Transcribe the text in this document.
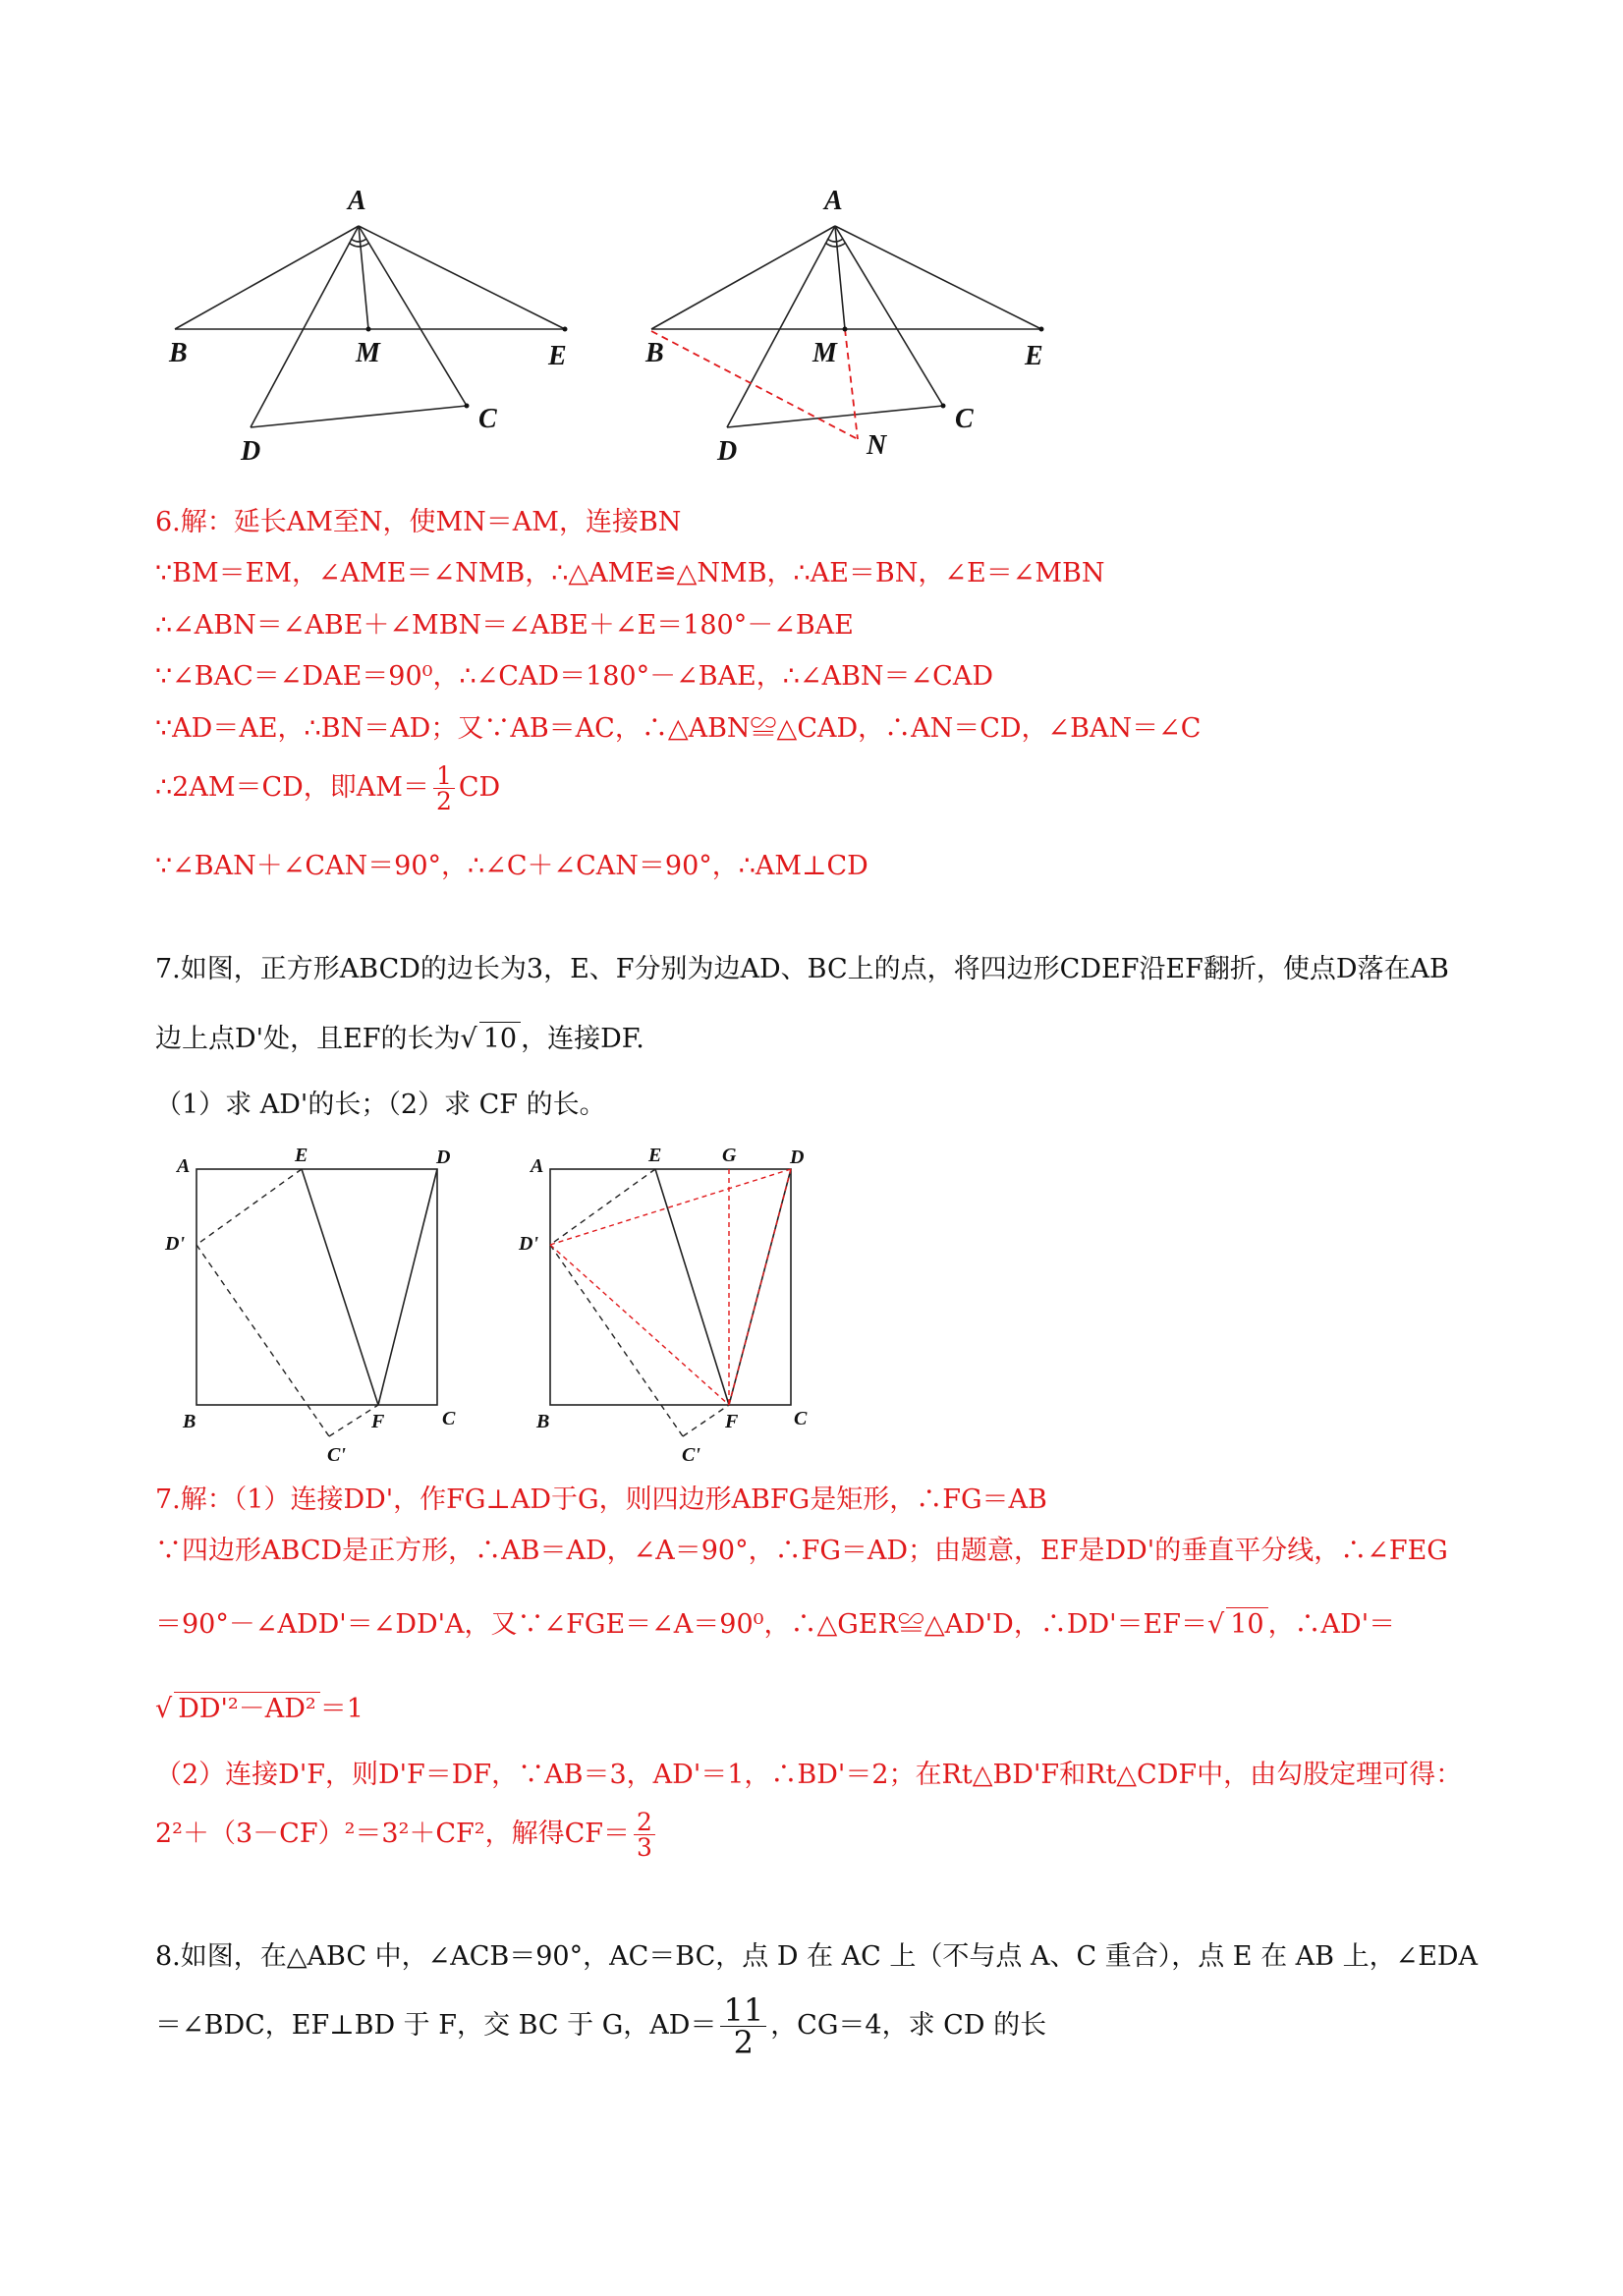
A
B	M	E
C
D
A
B	M	E
C
D	N
6.解：延长AM至N，使MN＝AM，连接BN
∵BM＝EM，∠AME＝∠NMB，∴△AME≌△NMB，∴AE＝BN，∠E＝∠MBN
∴∠ABN＝∠ABE＋∠MBN＝∠ABE＋∠E＝180°－∠BAE
∵∠BAC＝∠DAE＝90⁰，∴∠CAD＝180°－∠BAE，∴∠ABN＝∠CAD
∵AD＝AE，∴BN＝AD；又∵AB＝AC，∴△ABN≌△CAD，∴AN＝CD，∠BAN＝∠C
∴2AM＝CD，即$AM= \frac{1}{2}$ CD
∵∠BAN＋∠CAN＝90°，∴∠C＋∠CAN＝90°，∴AM⊥CD
7.如图，正方形ABCD的边长为3，E、F分别为边AD、BC上的点，将四边形CDEF沿EF翻折，使点D落在AB
边上点D'处，且EF的长为√ 10 ，连接DF.
（1）求 AD'的长；（2）求 CF 的长。
A	E	D
D'
B	F	C
C'
A	E	G	D
D'
B	F	C
C'
7.解：（1）连接DD'，作FG⊥AD于G，则四边形ABFG是矩形，∴FG＝AB
∵四边形ABCD是正方形，∴AB＝AD，∠A＝90°，∴FG＝AD；由题意，EF是DD'的垂直平分线，∴∠FEG
＝90°－∠ADD'＝∠DD'A，又∵∠FGE＝∠A＝90⁰，∴△GER≌△AD'D，∴DD'＝EF＝√ 10 ，∴AD'＝
√ DD'²－AD² ＝1
（2）连接D'F，则D'F＝DF，∵AB＝3，AD'＝1，∴BD'＝2；在Rt△BD'F和Rt△CDF中，由勾股定理可得：
2²＋（3－CF）²＝3²＋CF²，解得$CF= \frac{2}{3}$
8.如图，在△ABC 中，∠ACB＝90°，AC＝BC，点 D 在 AC 上（不与点 A、C 重合），点 E 在 AB 上，∠EDA
＝∠BDC，EF⊥BD 于 F，交 BC 于 G，$AD= \frac{11}{2}$ ，CG＝4，求 CD 的长
